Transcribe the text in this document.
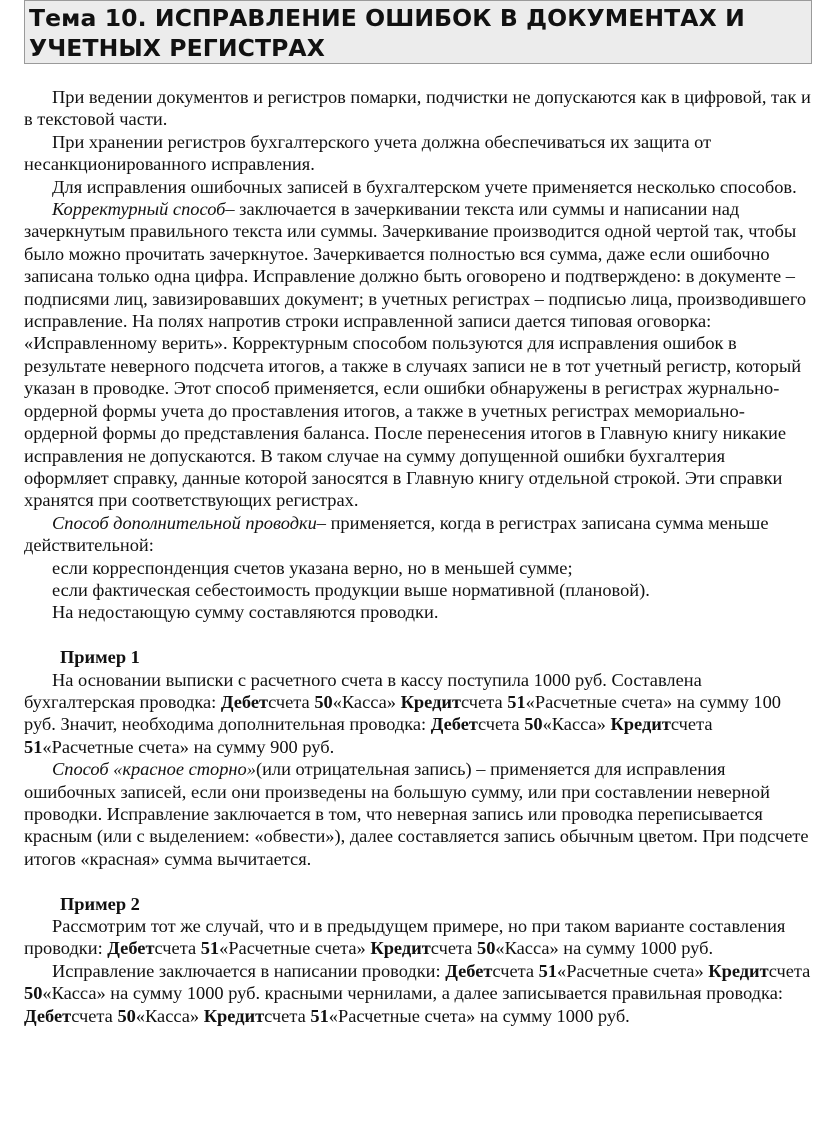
Тема 10. ИСПРАВЛЕНИЕ ОШИБОК В ДОКУМЕНТАХ И
УЧЕТНЫХ РЕГИСТРАХ

При ведении документов и регистров помарки, подчистки не допускаются как в цифровой, так и в текстовой части.

При хранении регистров бухгалтерского учета должна обеспечиваться их защита от несанкционированного исправления.

Для исправления ошибочных записей в бухгалтерском учете применяется несколько способов.

Корректурный способ– заключается в зачеркивании текста или суммы и написании над зачеркнутым правильного текста или суммы. Зачеркивание производится одной чертой так, чтобы было можно прочитать зачеркнутое. Зачеркивается полностью вся сумма, даже если ошибочно записана только одна цифра. Исправление должно быть оговорено и подтверждено: в документе – подписями лиц, завизировавших документ; в учетных регистрах – подписью лица, производившего исправление. На полях напротив строки исправленной записи дается типовая оговорка: «Исправленному верить». Корректурным способом пользуются для исправления ошибок в результате неверного подсчета итогов, а также в случаях записи не в тот учетный регистр, который указан в проводке. Этот способ применяется, если ошибки обнаружены в регистрах журнально-ордерной формы учета до проставления итогов, а также в учетных регистрах мемориально-ордерной формы до представления баланса. После перенесения итогов в Главную книгу никакие исправления не допускаются. В таком случае на сумму допущенной ошибки бухгалтерия оформляет справку, данные которой заносятся в Главную книгу отдельной строкой. Эти справки хранятся при соответствующих регистрах.

Способ дополнительной проводки– применяется, когда в регистрах записана сумма меньше действительной:

если корреспонденция счетов указана верно, но в меньшей сумме;

если фактическая себестоимость продукции выше нормативной (плановой).

На недостающую сумму составляются проводки.

Пример 1

На основании выписки с расчетного счета в кассу поступила 1000 руб. Составлена бухгалтерская проводка: Дебетсчета 50«Касса» Кредитсчета 51«Расчетные счета» на сумму 100 руб. Значит, необходима дополнительная проводка: Дебетсчета 50«Касса» Кредитсчета 51«Расчетные счета» на сумму 900 руб.

Способ «красное сторно»(или отрицательная запись) – применяется для исправления ошибочных записей, если они произведены на большую сумму, или при составлении неверной проводки. Исправление заключается в том, что неверная запись или проводка переписывается красным (или с выделением: «обвести»), далее составляется запись обычным цветом. При подсчете итогов «красная» сумма вычитается.

Пример 2

Рассмотрим тот же случай, что и в предыдущем примере, но при таком варианте составления проводки: Дебетсчета 51«Расчетные счета» Кредитсчета 50«Касса» на сумму 1000 руб.

Исправление заключается в написании проводки: Дебетсчета 51«Расчетные счета» Кредитсчета 50«Касса» на сумму 1000 руб. красными чернилами, а далее записывается правильная проводка: Дебетсчета 50«Касса» Кредитсчета 51«Расчетные счета» на сумму 1000 руб.
